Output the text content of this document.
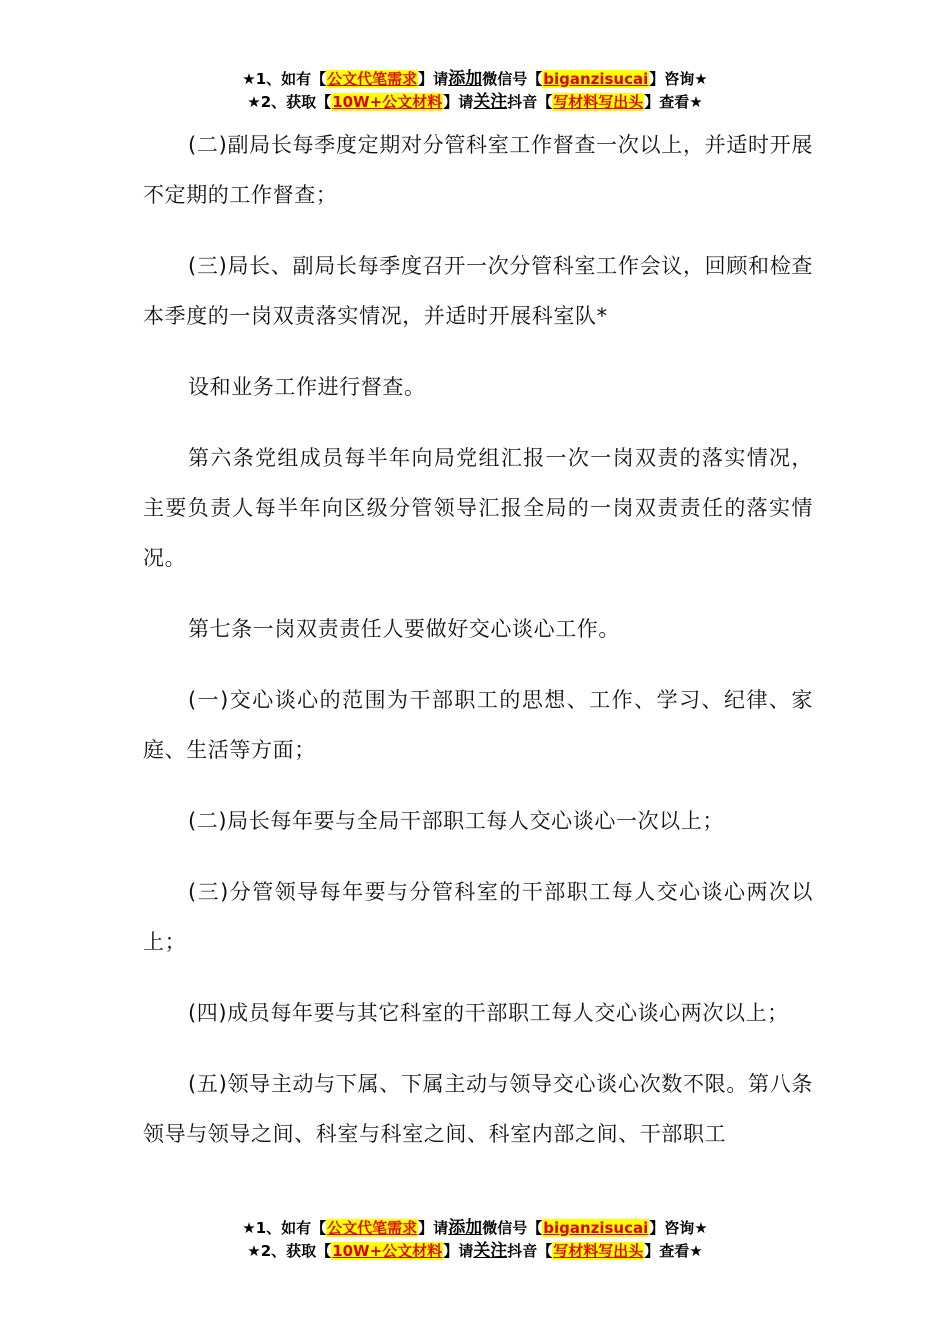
★1、如有【公文代笔需求】请添加微信号【biganzisucai】咨询★
★2、获取【10W+公文材料】请关注抖音【写材料写出头】查看★

(二)副局长每季度定期对分管科室工作督查一次以上，并适时开展不定期的工作督查；

(三)局长、副局长每季度召开一次分管科室工作会议，回顾和检查本季度的一岗双责落实情况，并适时开展科室队*

设和业务工作进行督查。

第六条党组成员每半年向局党组汇报一次一岗双责的落实情况，主要负责人每半年向区级分管领导汇报全局的一岗双责责任的落实情况。

第七条一岗双责责任人要做好交心谈心工作。

(一)交心谈心的范围为干部职工的思想、工作、学习、纪律、家庭、生活等方面；

(二)局长每年要与全局干部职工每人交心谈心一次以上；

(三)分管领导每年要与分管科室的干部职工每人交心谈心两次以上；

(四)成员每年要与其它科室的干部职工每人交心谈心两次以上；

(五)领导主动与下属、下属主动与领导交心谈心次数不限。第八条领导与领导之间、科室与科室之间、科室内部之间、干部职工

★1、如有【公文代笔需求】请添加微信号【biganzisucai】咨询★
★2、获取【10W+公文材料】请关注抖音【写材料写出头】查看★
